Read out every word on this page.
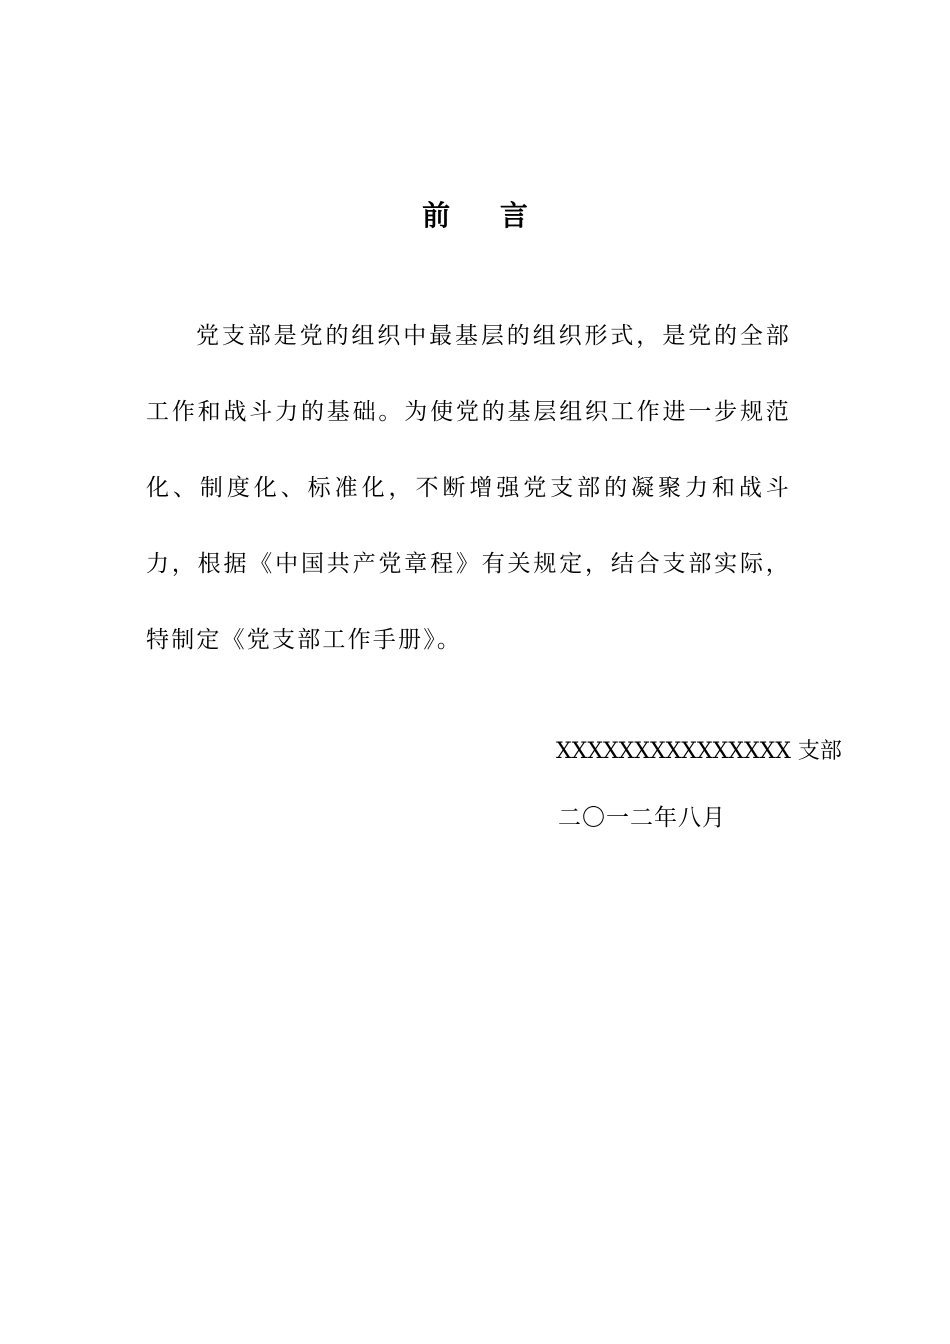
前 言

党支部是党的组织中最基层的组织形式，是党的全部工作和战斗力的基础。为使党的基层组织工作进一步规范化、制度化、标准化，不断增强党支部的凝聚力和战斗力，根据《中国共产党章程》有关规定，结合支部实际，特制定《党支部工作手册》。

XXXXXXXXXXXXXXX 支部
二〇一二年八月
